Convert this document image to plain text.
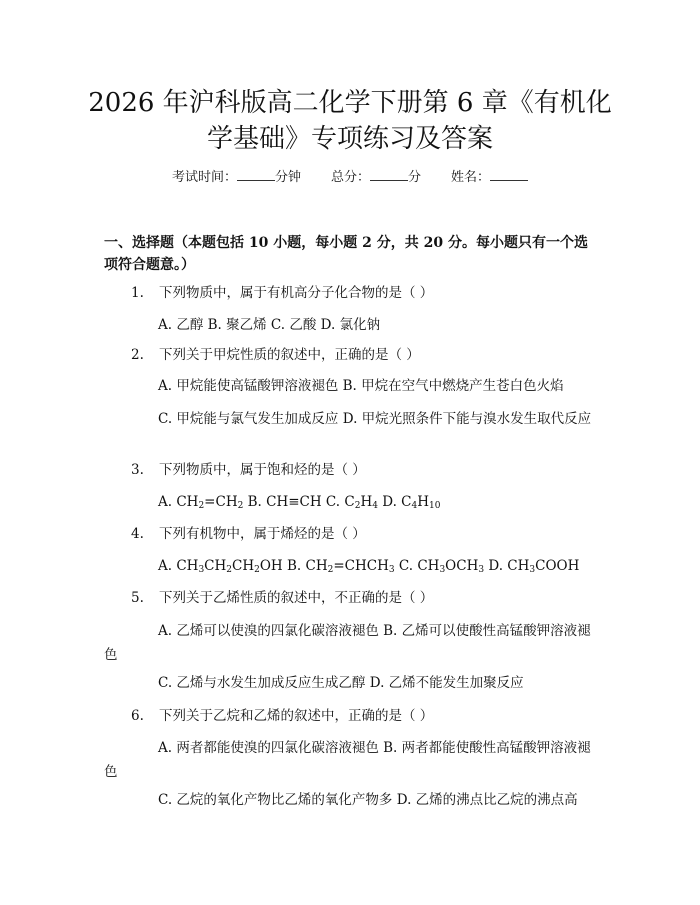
2026 年沪科版高二化学下册第 6 章《有机化
学基础》专项练习及答案
考试时间：	分钟 总分：	分 姓名：
一、选择题（本题包括 10 小题，每小题 2 分，共 20 分。每小题只有一个选项符合题意。）
1. 下列物质中，属于有机高分子化合物的是（ ）
A. 乙醇 B. 聚乙烯 C. 乙酸 D. 氯化钠
2. 下列关于甲烷性质的叙述中，正确的是（ ）
A. 甲烷能使高锰酸钾溶液褪色 B. 甲烷在空气中燃烧产生苍白色火焰
C. 甲烷能与氯气发生加成反应 D. 甲烷光照条件下能与溴水发生取代反应
3. 下列物质中，属于饱和烃的是（ ）
A. $CH_2=CH_2$ B. CH≡CH C. $C_2H_4$ D. $C_4H_{10}$
4. 下列有机物中，属于烯烃的是（ ）
A. $CH_3CH_2CH_2OH$ B. $CH_2=CHCH_3$ C. $CH_3OCH_3$ D. $CH_3COOH$
5. 下列关于乙烯性质的叙述中，不正确的是（ ）
A. 乙烯可以使溴的四氯化碳溶液褪色 B. 乙烯可以使酸性高锰酸钾溶液褪色
C. 乙烯与水发生加成反应生成乙醇 D. 乙烯不能发生加聚反应
6. 下列关于乙烷和乙烯的叙述中，正确的是（ ）
A. 两者都能使溴的四氯化碳溶液褪色 B. 两者都能使酸性高锰酸钾溶液褪色
C. 乙烷的氧化产物比乙烯的氧化产物多 D. 乙烯的沸点比乙烷的沸点高
